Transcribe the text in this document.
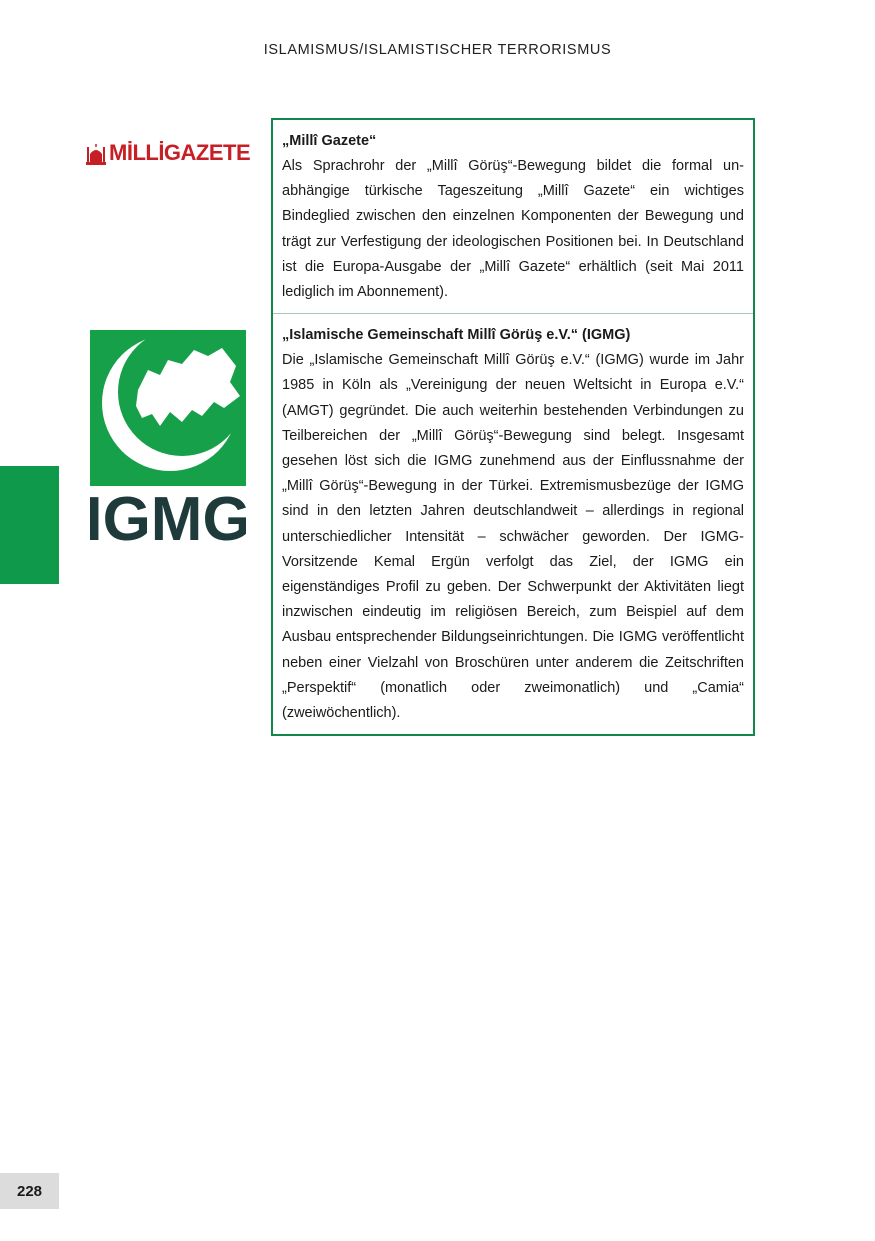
ISLAMISMUS/ISLAMISTISCHER TERRORISMUS
MİLLİGAZETE
IGMG
„Millî Gazete“
Als Sprachrohr der „Millî Görüş“-Bewegung bildet die formal unabhängige türkische Tageszeitung „Millî Gazete“ ein wichtiges Bindeglied zwischen den einzelnen Komponenten der Bewegung und trägt zur Verfestigung der ideologischen Positionen bei. In Deutschland ist die Europa-Ausgabe der „Millî Gazete“ erhältlich (seit Mai 2011 lediglich im Abonnement).
„Islamische Gemeinschaft Millî Görüş e.V.“ (IGMG)
Die „Islamische Gemeinschaft Millî Görüş e.V.“ (IGMG) wurde im Jahr 1985 in Köln als „Vereinigung der neuen Weltsicht in Europa e.V.“ (AMGT) gegründet. Die auch weiterhin bestehenden Verbindungen zu Teilbereichen der „Millî Görüş“-Bewegung sind belegt. Insgesamt gesehen löst sich die IGMG zunehmend aus der Einflussnahme der „Millî Görüş“-Bewegung in der Türkei. Extremismusbezüge der IGMG sind in den letzten Jahren deutschlandweit – allerdings in regional unterschiedlicher Intensität – schwächer geworden. Der IGMG-Vorsitzende Kemal Ergün verfolgt das Ziel, der IGMG ein eigenständiges Profil zu geben. Der Schwerpunkt der Aktivitäten liegt inzwischen eindeutig im religiösen Bereich, zum Beispiel auf dem Ausbau entsprechender Bildungseinrichtungen. Die IGMG veröffentlicht neben einer Vielzahl von Broschüren unter anderem die Zeitschriften „Perspektif“ (monatlich oder zweimonatlich) und „Camia“ (zweiwöchentlich).
228
